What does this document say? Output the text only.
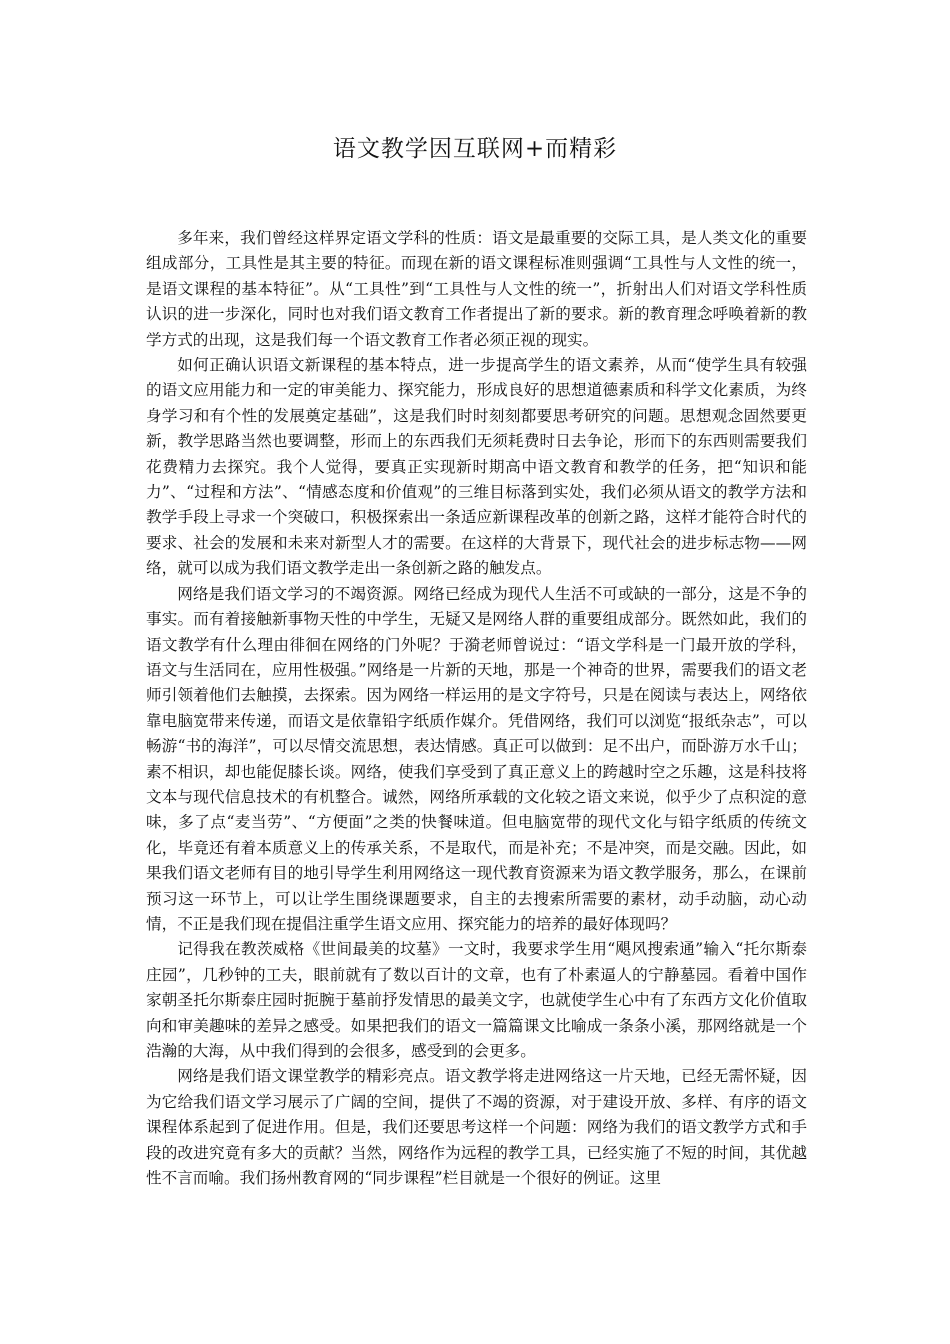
语文教学因互联网+而精彩

多年来，我们曾经这样界定语文学科的性质：语文是最重要的交际工具，是人类文化的重要组成部分，工具性是其主要的特征。而现在新的语文课程标准则强调“工具性与人文性的统一，是语文课程的基本特征”。从“工具性”到“工具性与人文性的统一”，折射出人们对语文学科性质认识的进一步深化，同时也对我们语文教育工作者提出了新的要求。新的教育理念呼唤着新的教学方式的出现，这是我们每一个语文教育工作者必须正视的现实。

如何正确认识语文新课程的基本特点，进一步提高学生的语文素养，从而“使学生具有较强的语文应用能力和一定的审美能力、探究能力，形成良好的思想道德素质和科学文化素质，为终身学习和有个性的发展奠定基础”，这是我们时时刻刻都要思考研究的问题。思想观念固然要更新，教学思路当然也要调整，形而上的东西我们无须耗费时日去争论，形而下的东西则需要我们花费精力去探究。我个人觉得，要真正实现新时期高中语文教育和教学的任务，把“知识和能力”、“过程和方法”、“情感态度和价值观”的三维目标落到实处，我们必须从语文的教学方法和教学手段上寻求一个突破口，积极探索出一条适应新课程改革的创新之路，这样才能符合时代的要求、社会的发展和未来对新型人才的需要。在这样的大背景下，现代社会的进步标志物——网络，就可以成为我们语文教学走出一条创新之路的触发点。

网络是我们语文学习的不竭资源。网络已经成为现代人生活不可或缺的一部分，这是不争的事实。而有着接触新事物天性的中学生，无疑又是网络人群的重要组成部分。既然如此，我们的语文教学有什么理由徘徊在网络的门外呢？于漪老师曾说过：“语文学科是一门最开放的学科，语文与生活同在，应用性极强。”网络是一片新的天地，那是一个神奇的世界，需要我们的语文老师引领着他们去触摸，去探索。因为网络一样运用的是文字符号，只是在阅读与表达上，网络依靠电脑宽带来传递，而语文是依靠铅字纸质作媒介。凭借网络，我们可以浏览“报纸杂志”，可以畅游“书的海洋”，可以尽情交流思想，表达情感。真正可以做到：足不出户，而卧游万水千山；素不相识，却也能促膝长谈。网络，使我们享受到了真正意义上的跨越时空之乐趣，这是科技将文本与现代信息技术的有机整合。诚然，网络所承载的文化较之语文来说，似乎少了点积淀的意味，多了点“麦当劳”、“方便面”之类的快餐味道。但电脑宽带的现代文化与铅字纸质的传统文化，毕竟还有着本质意义上的传承关系，不是取代，而是补充；不是冲突，而是交融。因此，如果我们语文老师有目的地引导学生利用网络这一现代教育资源来为语文教学服务，那么，在课前预习这一环节上，可以让学生围绕课题要求，自主的去搜索所需要的素材，动手动脑，动心动情，不正是我们现在提倡注重学生语文应用、探究能力的培养的最好体现吗？

记得我在教茨威格《世间最美的坟墓》一文时，我要求学生用“飓风搜索通”输入“托尔斯泰庄园”，几秒钟的工夫，眼前就有了数以百计的文章，也有了朴素逼人的宁静墓园。看着中国作家朝圣托尔斯泰庄园时扼腕于墓前抒发情思的最美文字，也就使学生心中有了东西方文化价值取向和审美趣味的差异之感受。如果把我们的语文一篇篇课文比喻成一条条小溪，那网络就是一个浩瀚的大海，从中我们得到的会很多，感受到的会更多。

网络是我们语文课堂教学的精彩亮点。语文教学将走进网络这一片天地，已经无需怀疑，因为它给我们语文学习展示了广阔的空间，提供了不竭的资源，对于建设开放、多样、有序的语文课程体系起到了促进作用。但是，我们还要思考这样一个问题：网络为我们的语文教学方式和手段的改进究竟有多大的贡献？当然，网络作为远程的教学工具，已经实施了不短的时间，其优越性不言而喻。我们扬州教育网的“同步课程”栏目就是一个很好的例证。这里
